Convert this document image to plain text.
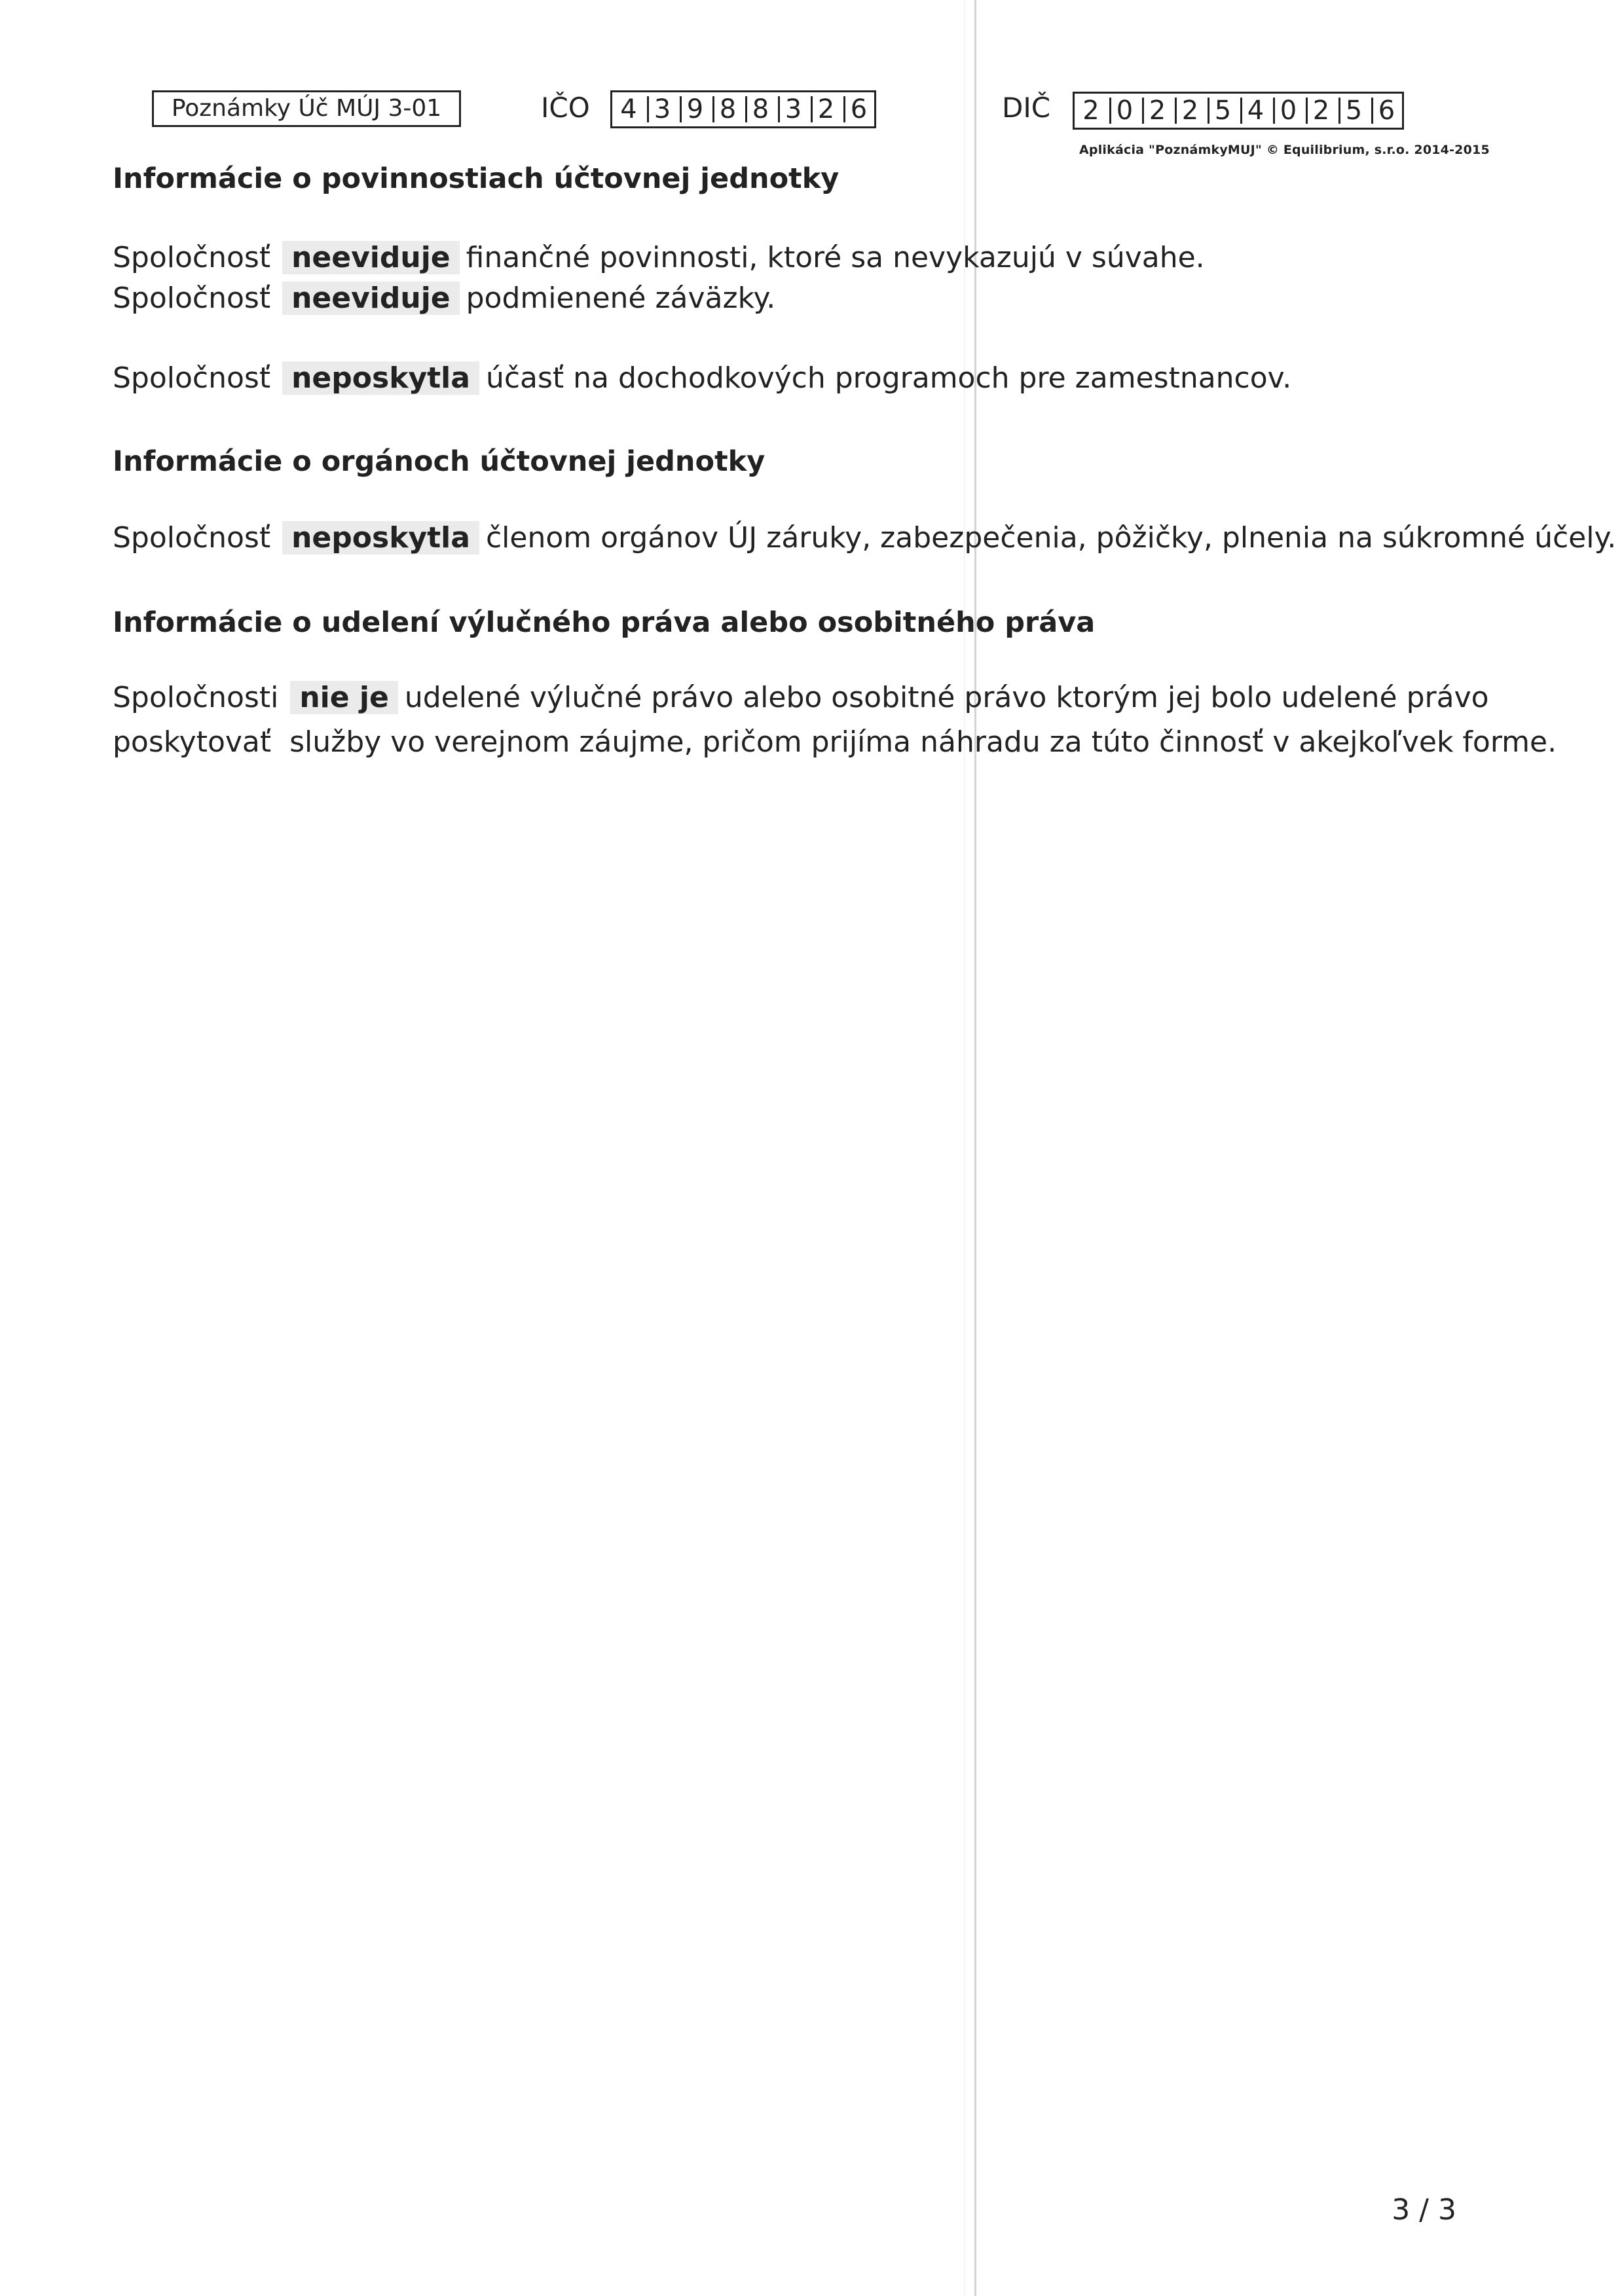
Poznámky Úč MÚJ 3-01	IČO 4 3 9 8 8 3 2 6	DIČ 2 0 2 2 5 4 0 2 5 6
Aplikácia "PoznámkyMUJ" © Equilibrium, s.r.o. 2014-2015
Informácie o povinnostiach účtovnej jednotky
Spoločnosť neeviduje finančné povinnosti, ktoré sa nevykazujú v súvahe.
Spoločnosť neeviduje podmienené záväzky.
Spoločnosť neposkytla účasť na dochodkových programoch pre zamestnancov.
Informácie o orgánoch účtovnej jednotky
Spoločnosť neposkytla členom orgánov ÚJ záruky, zabezpečenia, pôžičky, plnenia na súkromné účely.
Informácie o udelení výlučného práva alebo osobitného práva
Spoločnosti nie je udelené výlučné právo alebo osobitné právo ktorým jej bolo udelené právo
poskytovať  služby vo verejnom záujme, pričom prijíma náhradu za túto činnosť v akejkoľvek forme.
3 / 3
